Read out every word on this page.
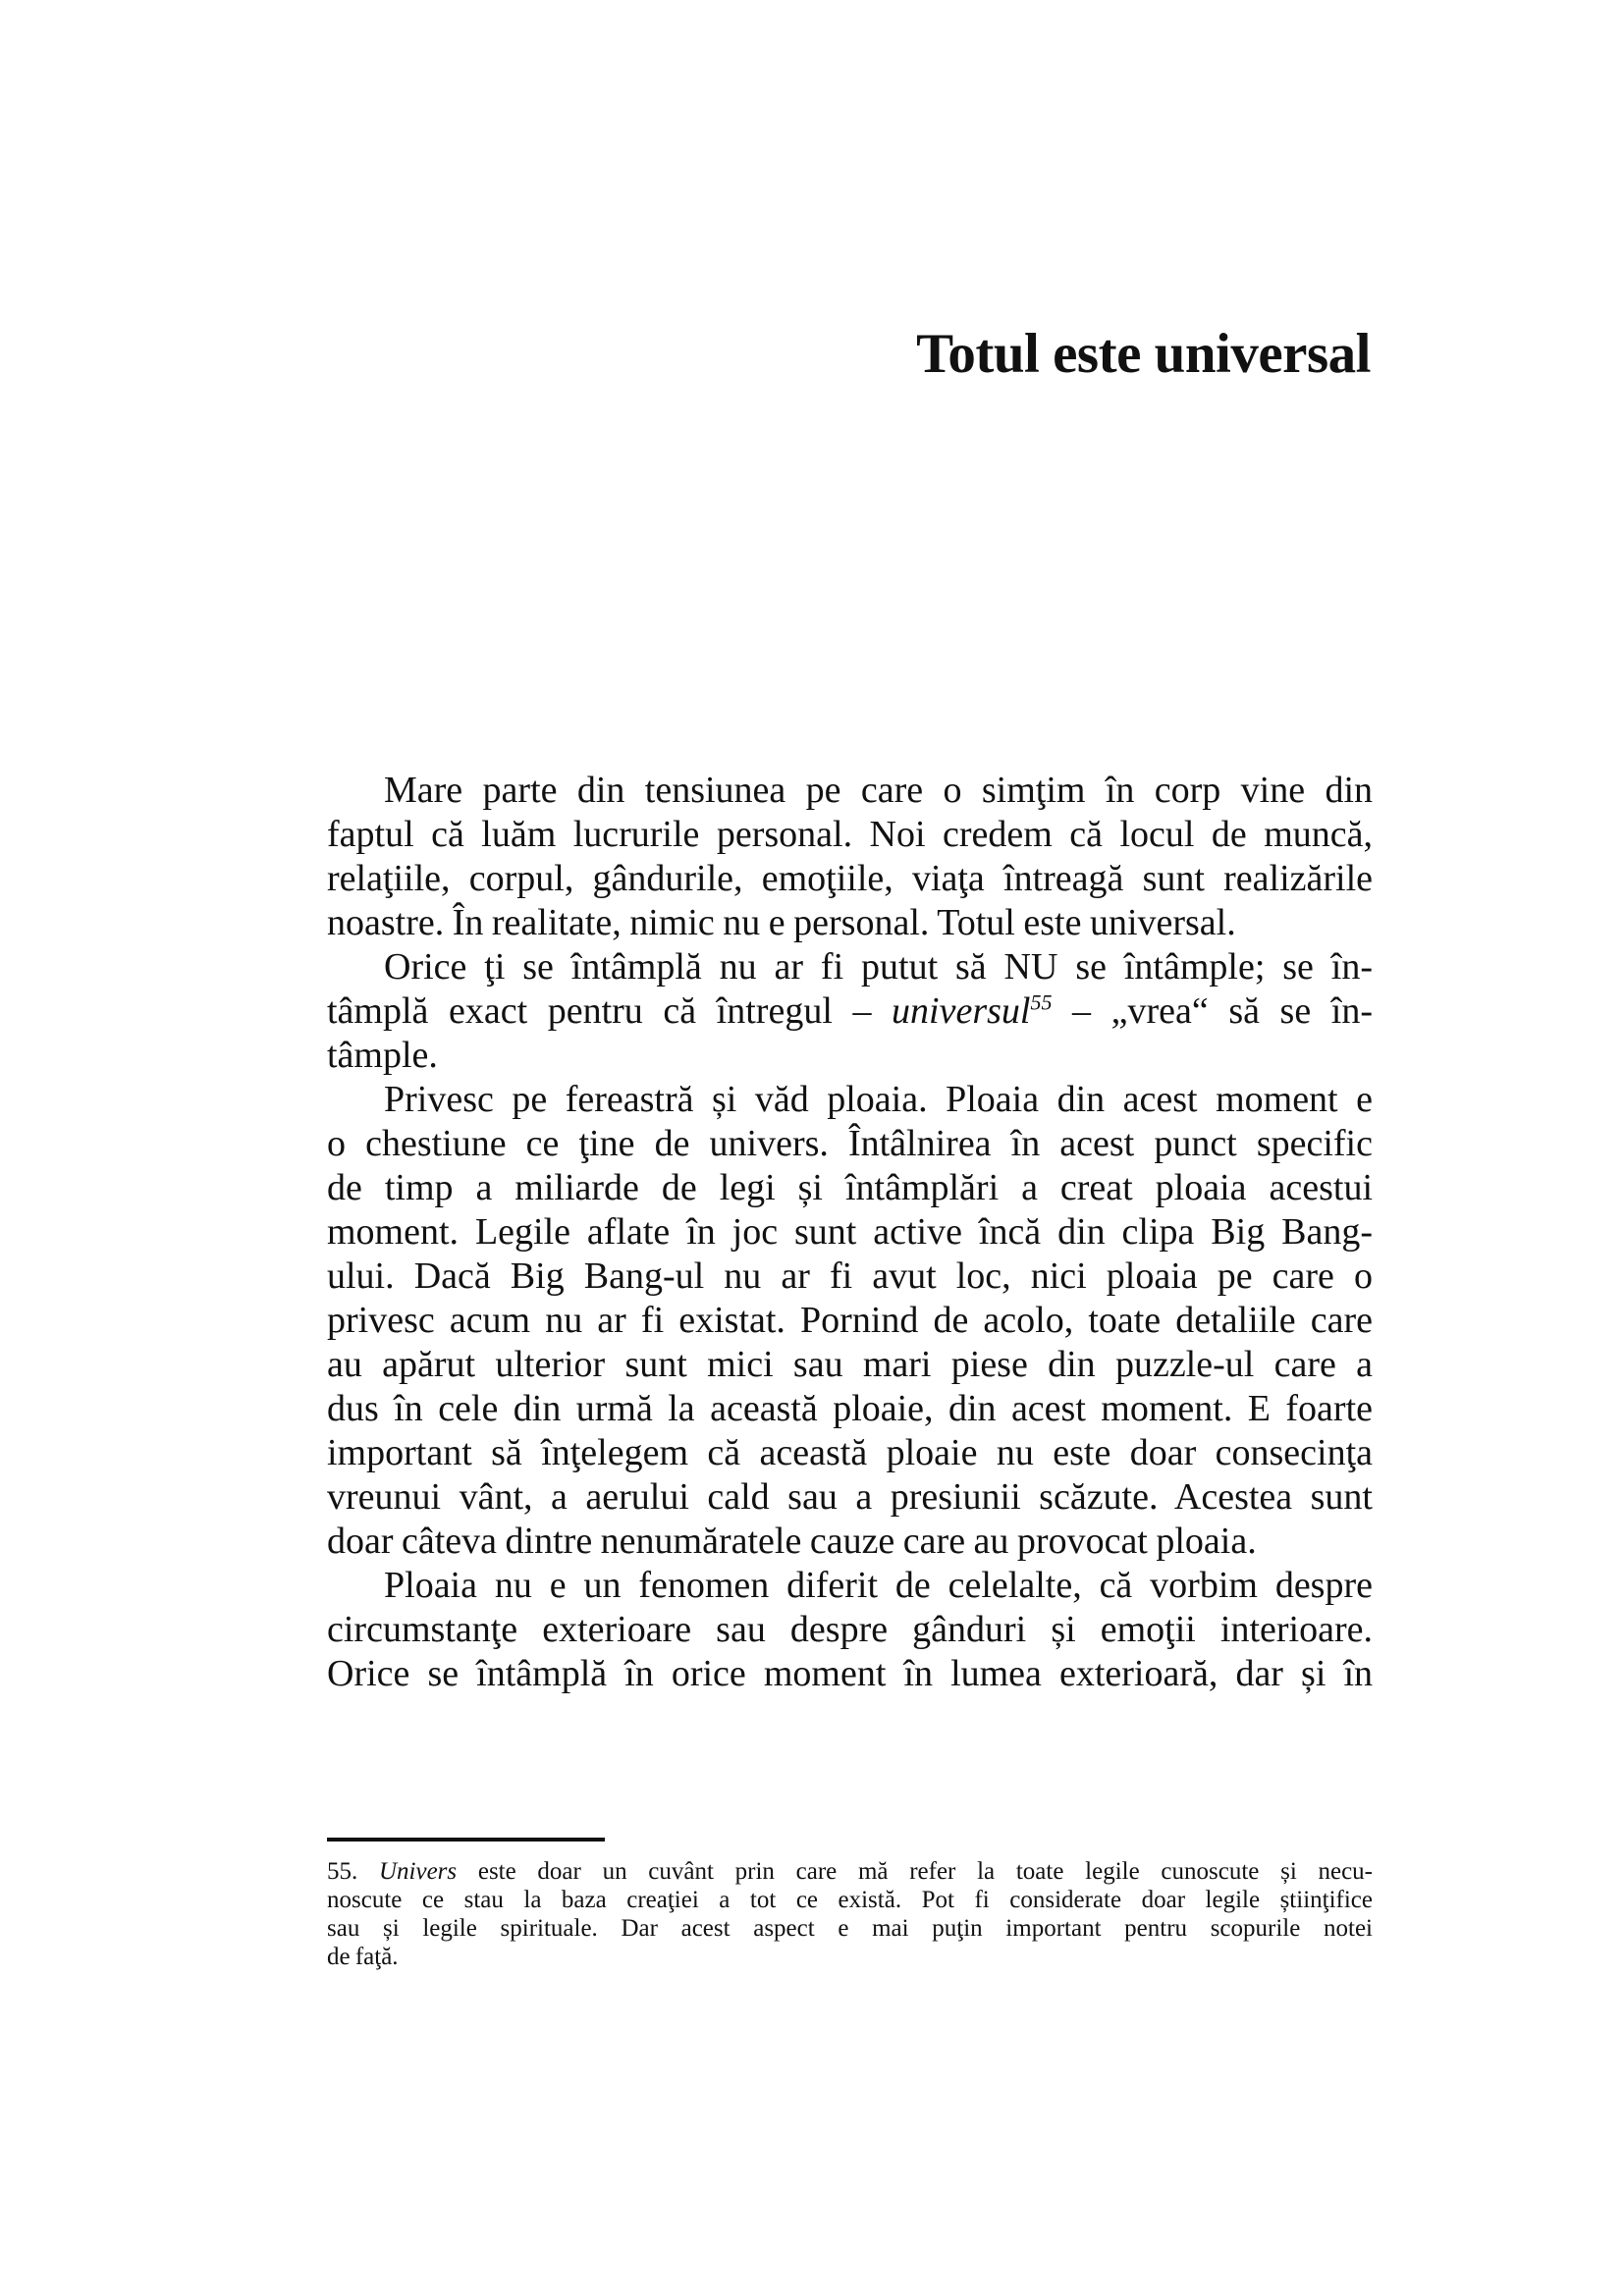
Totul este universal
Mare parte din tensiunea pe care o simţim în corp vine din
faptul că luăm lucrurile personal. Noi credem că locul de muncă,
relaţiile, corpul, gândurile, emoţiile, viaţa întreagă sunt realizările
noastre. În realitate, nimic nu e personal. Totul este universal.
Orice ţi se întâmplă nu ar fi putut să NU se întâmple; se în-
tâmplă exact pentru că întregul – universul$^{55}$ – „vrea“ să se în-
tâmple.
Privesc pe fereastră și văd ploaia. Ploaia din acest moment e
o chestiune ce ţine de univers. Întâlnirea în acest punct specific
de timp a miliarde de legi și întâmplări a creat ploaia acestui
moment. Legile aflate în joc sunt active încă din clipa Big Bang-
ului. Dacă Big Bang-ul nu ar fi avut loc, nici ploaia pe care o
privesc acum nu ar fi existat. Pornind de acolo, toate detaliile care
au apărut ulterior sunt mici sau mari piese din puzzle-ul care a
dus în cele din urmă la această ploaie, din acest moment. E foarte
important să înţelegem că această ploaie nu este doar consecinţa
vreunui vânt, a aerului cald sau a presiunii scăzute. Acestea sunt
doar câteva dintre nenumăratele cauze care au provocat ploaia.
Ploaia nu e un fenomen diferit de celelalte, că vorbim despre
circumstanţe exterioare sau despre gânduri și emoţii interioare.
Orice se întâmplă în orice moment în lumea exterioară, dar și în
55. Univers este doar un cuvânt prin care mă refer la toate legile cunoscute și necu-
noscute ce stau la baza creaţiei a tot ce există. Pot fi considerate doar legile știinţifice
sau și legile spirituale. Dar acest aspect e mai puţin important pentru scopurile notei
de faţă.
